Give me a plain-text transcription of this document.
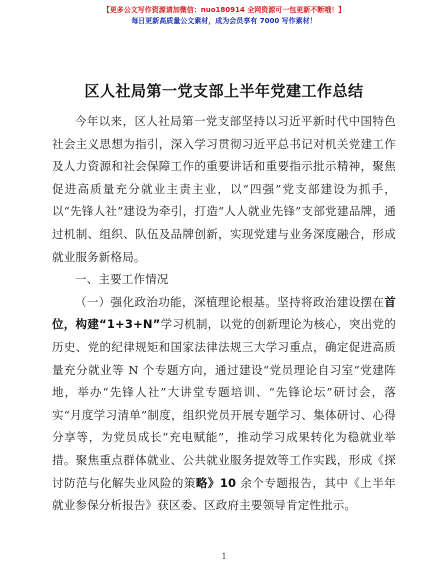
【更多公文写作资源请加微信：nuo180914 全网资源可一包更新不断哦！】
每日更新高质量公文素材，成为会员享有 7000 写作素材！
区人社局第一党支部上半年党建工作总结

今年以来，区人社局第一党支部坚持以习近平新时代中国特色社会主义思想为指引，深入学习贯彻习近平总书记对机关党建工作及人力资源和社会保障工作的重要讲话和重要指示批示精神，聚焦促进高质量充分就业主责主业，以“四强”党支部建设为抓手，以“先锋人社”建设为牵引，打造“人人就业先锋”支部党建品牌，通过机制、组织、队伍及品牌创新，实现党建与业务深度融合，形成就业服务新格局。

一、主要工作情况

（一）强化政治功能，深植理论根基。坚持将政治建设摆在首位，构建“1+3+N”学习机制，以党的创新理论为核心，突出党的历史、党的纪律规矩和国家法律法规三大学习重点，确定促进高质量充分就业等 N 个专题方向，通过建设“党员理论自习室”党建阵地，举办“先锋人社”大讲堂专题培训、“先锋论坛”研讨会，落实“月度学习清单”制度，组织党员开展专题学习、集体研讨、心得分享等，为党员成长“充电赋能”，推动学习成果转化为稳就业举措。聚焦重点群体就业、公共就业服务提效等工作实践，形成《探讨防范与化解失业风险的策略》10 余个专题报告，其中《上半年就业参保分析报告》获区委、区政府主要领导肯定性批示。

1
